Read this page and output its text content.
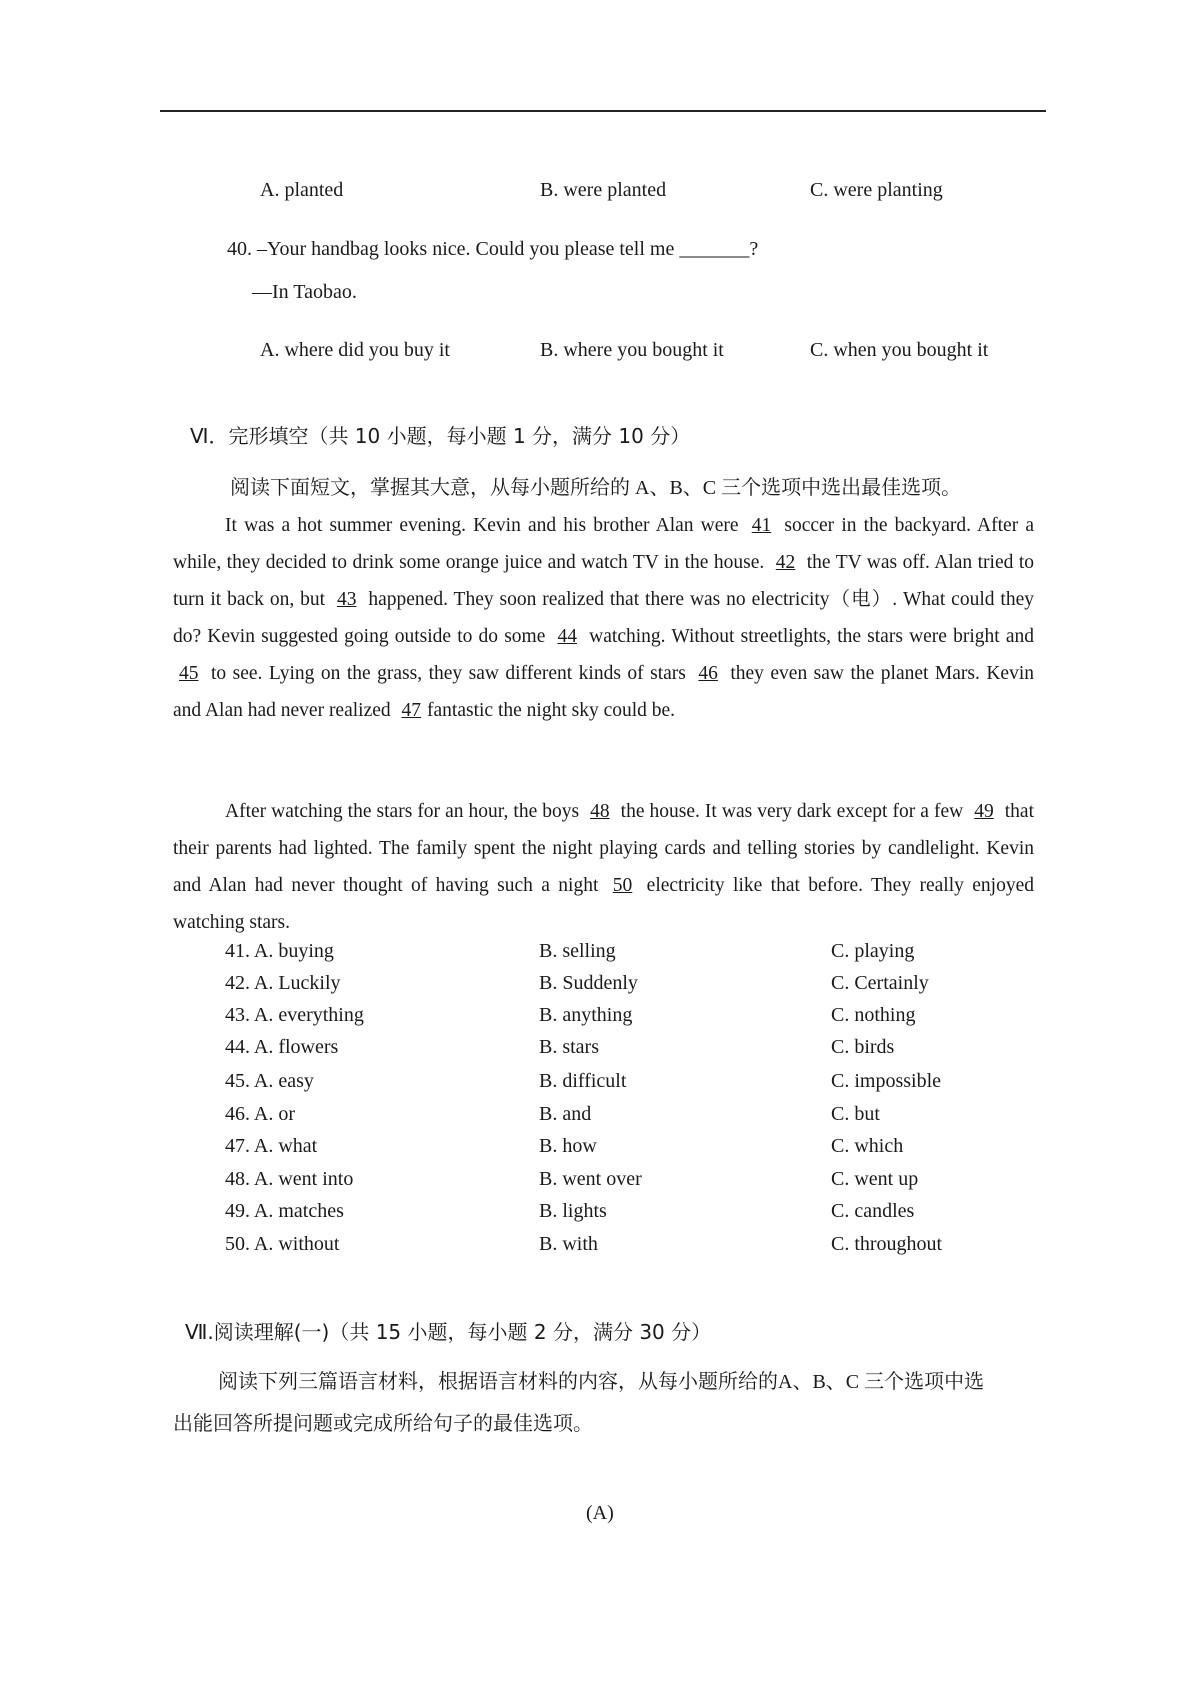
A. planted	B. were planted	C. were planting
40. –Your handbag looks nice. Could you please tell me _______?
—In Taobao.
A. where did you buy it	B. where you bought it	C. when you bought it
Ⅵ．完形填空（共 10 小题，每小题 1 分，满分 10 分）
阅读下面短文，掌握其大意，从每小题所给的 A、B、C 三个选项中选出最佳选项。
It was a hot summer evening. Kevin and his brother Alan were 41 soccer in the backyard. After a while, they decided to drink some orange juice and watch TV in the house. 42 the TV was off. Alan tried to turn it back on, but 43 happened. They soon realized that there was no electricity（电）. What could they do? Kevin suggested going outside to do some 44 watching. Without streetlights, the stars were bright and 45 to see. Lying on the grass, they saw different kinds of stars 46 they even saw the planet Mars. Kevin and Alan had never realized 47 fantastic the night sky could be.
After watching the stars for an hour, the boys 48 the house. It was very dark except for a few 49 that their parents had lighted. The family spent the night playing cards and telling stories by candlelight. Kevin and Alan had never thought of having such a night 50 electricity like that before. They really enjoyed watching stars.
41. A. buying	B. selling	C. playing
42. A. Luckily	B. Suddenly	C. Certainly
43. A. everything	B. anything	C. nothing
44. A. flowers	B. stars	C. birds
45. A. easy	B. difficult	C. impossible
46. A. or	B. and	C. but
47. A. what	B. how	C. which
48. A. went into	B. went over	C. went up
49. A. matches	B. lights	C. candles
50. A. without	B. with	C. throughout
Ⅶ.阅读理解(一)（共 15 小题，每小题 2 分，满分 30 分）
阅读下列三篇语言材料，根据语言材料的内容，从每小题所给的A、B、C 三个选项中选
出能回答所提问题或完成所给句子的最佳选项。
(A)
